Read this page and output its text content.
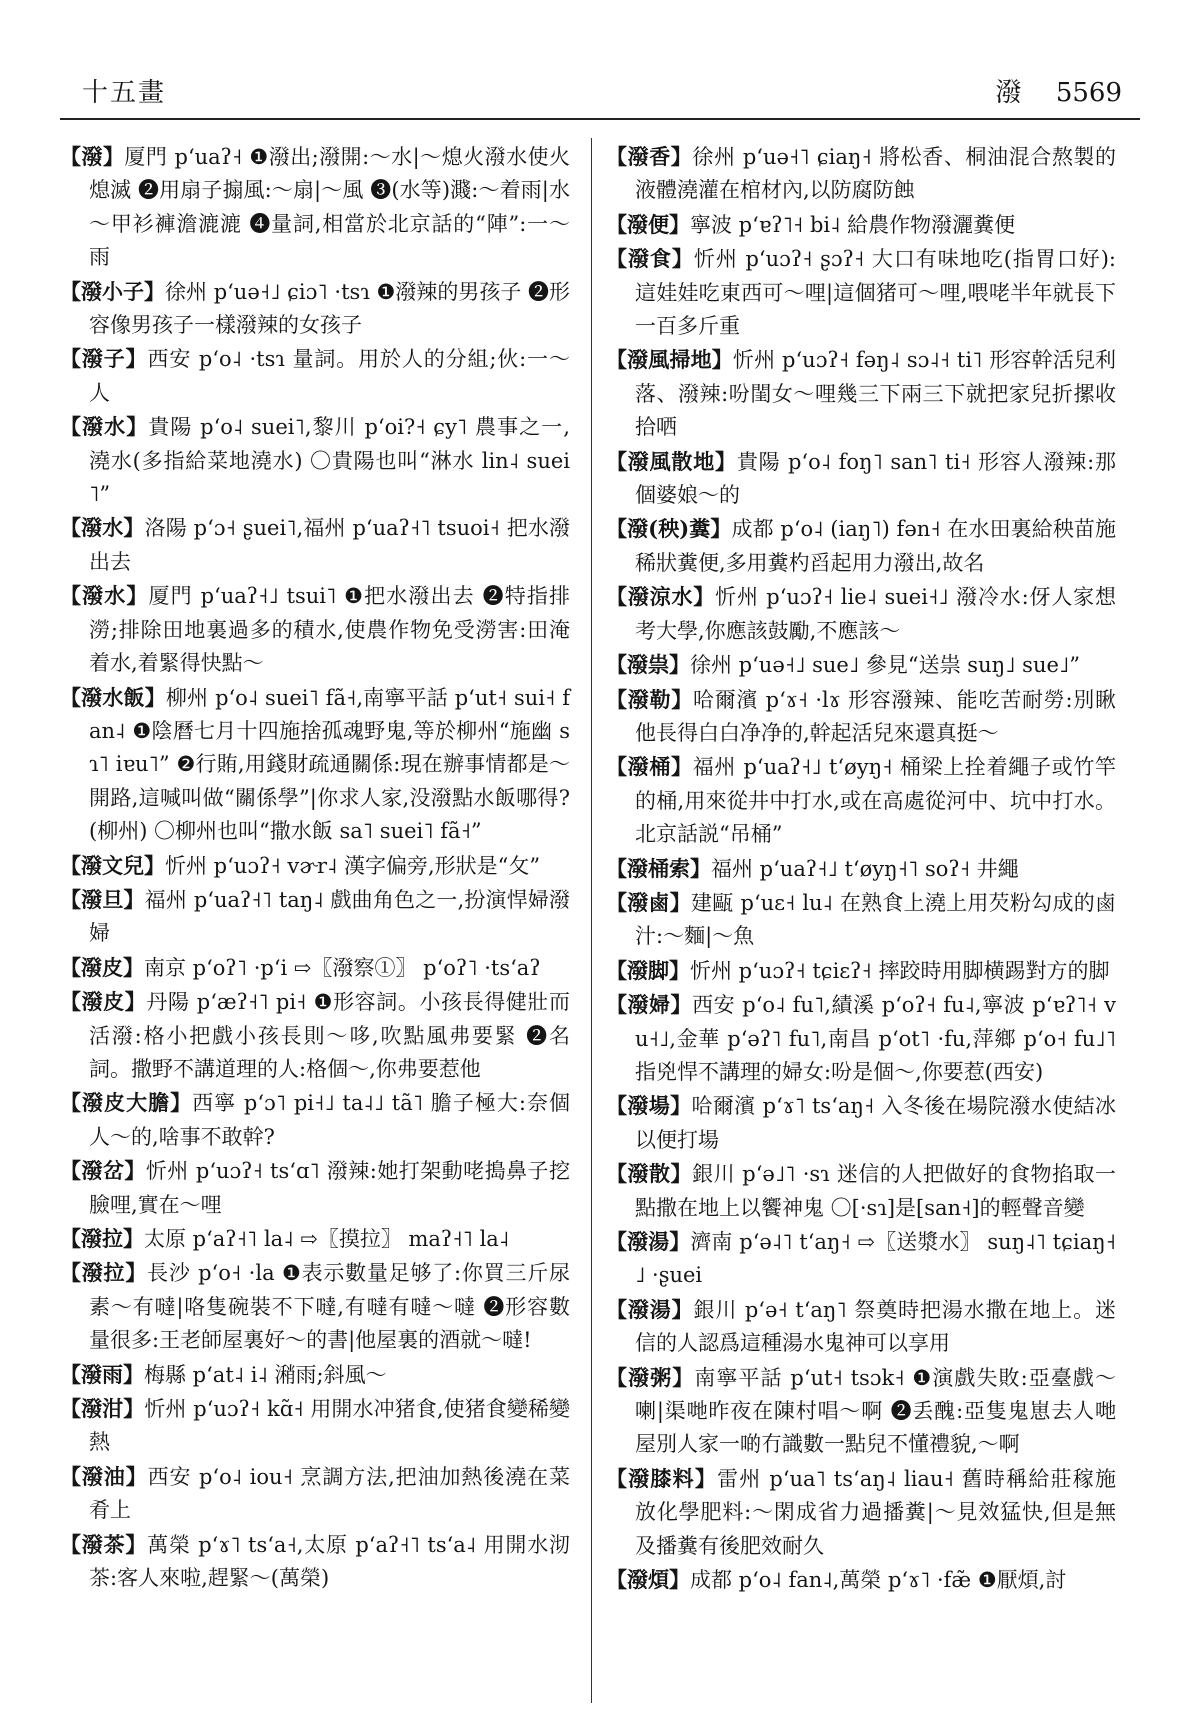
十五畫	潑 5569

【潑】厦門 pʻuaʔ˧ ❶潑出;潑開:～水|～熄火潑水使火熄滅 ❷用扇子搧風:～扇|～風 ❸(水等)濺:～着雨|水～甲衫褲澹漉漉 ❹量詞,相當於北京話的“陣”:一～雨

【潑小子】徐州 pʻuə˧˩ ɕiɔ˥ ·tsɿ ❶潑辣的男孩子 ❷形容像男孩子一樣潑辣的女孩子

【潑子】西安 pʻo˨ ·tsɿ 量詞。用於人的分組;伙:一～人

【潑水】貴陽 pʻo˨ suei˥,黎川 pʻoi?˧ ɕy˥ 農事之一,澆水(多指給菜地澆水) 〇貴陽也叫“淋水 lin˨ suei˥”

【潑水】洛陽 pʻɔ˧ ʂuei˥,福州 pʻuaʔ˧˥ tsuoi˧ 把水潑出去

【潑水】厦門 pʻuaʔ˧˩ tsui˥ ❶把水潑出去 ❷特指排澇;排除田地裏過多的積水,使農作物免受澇害:田淹着水,着緊得快點～

【潑水飯】柳州 pʻo˨ suei˥ fã˧,南寧平話 pʻut˧ sui˧ fan˨ ❶陰曆七月十四施捨孤魂野鬼,等於柳州“施幽 sɿ˥ iɐu˥” ❷行賄,用錢財疏通關係:現在辦事情都是～開路,這喊叫做“關係學”|你求人家,没潑點水飯哪得?(柳州) 〇柳州也叫“撒水飯 sa˥ suei˥ fã˧”

【潑文兒】忻州 pʻuɔʔ˧ vɚr˨ 漢字偏旁,形狀是“攵”

【潑旦】福州 pʻuaʔ˧˥ taŋ˨ 戲曲角色之一,扮演悍婦潑婦

【潑皮】南京 pʻoʔ˥ ·pʻi ⇨〖潑察①〗 pʻoʔ˥ ·tsʻaʔ

【潑皮】丹陽 pʻæʔ˧˥ pi˧ ❶形容詞。小孩長得健壯而活潑:格小把戲小孩長則～哆,吹點風弗要緊 ❷名詞。撒野不講道理的人:格個～,你弗要惹他

【潑皮大膽】西寧 pʻɔ˥ pi˧˩ ta˨˩ tã˥ 膽子極大:奈個人～的,啥事不敢幹?

【潑岔】忻州 pʻuɔʔ˧ tsʻɑ˥ 潑辣:她打架動咾搗鼻子挖臉哩,實在～哩

【潑拉】太原 pʻaʔ˧˥ la˨ ⇨〖摸拉〗 maʔ˧˥ la˨

【潑拉】長沙 pʻo˧ ·la ❶表示數量足够了:你買三斤尿素～有噠|咯隻碗裝不下噠,有噠有噠～噠 ❷形容數量很多:王老師屋裏好～的書|他屋裏的酒就～噠!

【潑雨】梅縣 pʻat˨ i˨ 潲雨;斜風～

【潑泔】忻州 pʻuɔʔ˧ kɑ̃˧ 用開水冲猪食,使猪食變稀變熱

【潑油】西安 pʻo˨ iou˧ 烹調方法,把油加熱後澆在菜肴上

【潑茶】萬榮 pʻɤ˥ tsʻa˧,太原 pʻaʔ˧˥ tsʻa˨ 用開水沏茶:客人來啦,趕緊～(萬榮)

【潑香】徐州 pʻuə˧˥ ɕiaŋ˧ 將松香、桐油混合熬製的液體澆灌在棺材內,以防腐防蝕

【潑便】寧波 pʻɐʔ˥˧ bi˨ 給農作物潑灑糞便

【潑食】忻州 pʻuɔʔ˧ ʂɔʔ˧ 大口有味地吃(指胃口好):這娃娃吃東西可～哩|這個猪可～哩,喂咾半年就長下一百多斤重

【潑風掃地】忻州 pʻuɔʔ˧ fəŋ˨ sɔ˨˧ ti˥ 形容幹活兒利落、潑辣:吩閨女～哩幾三下兩三下就把家兒折摞收拾哂

【潑風散地】貴陽 pʻo˨ foŋ˥ san˥ ti˧ 形容人潑辣:那個婆娘～的

【潑(秧)糞】成都 pʻo˨ (iaŋ˥) fən˧ 在水田裏給秧苗施稀狀糞便,多用糞杓舀起用力潑出,故名

【潑涼水】忻州 pʻuɔʔ˧ lie˨ suei˧˩ 潑冷水:伢人家想考大學,你應該鼓勵,不應該～

【潑祟】徐州 pʻuə˧˩ sue˩ 參見“送祟 suŋ˩ sue˩”

【潑勒】哈爾濱 pʻɤ˧ ·lɤ 形容潑辣、能吃苦耐勞:別瞅他長得白白净净的,幹起活兒來還真挺～

【潑桶】福州 pʻuaʔ˧˩ tʻøyŋ˧ 桶梁上拴着繩子或竹竿的桶,用來從井中打水,或在高處從河中、坑中打水。北京話説“吊桶”

【潑桶索】福州 pʻuaʔ˧˩ tʻøyŋ˧˥ soʔ˧ 井繩

【潑鹵】建甌 pʻuɛ˧ lu˨ 在熟食上澆上用芡粉勾成的鹵汁:～麵|～魚

【潑脚】忻州 pʻuɔʔ˧ tɕiɛʔ˧ 摔跤時用脚横踢對方的脚

【潑婦】西安 pʻo˨ fu˥,績溪 pʻoʔ˧ fu˨,寧波 pʻɐʔ˥˧ vu˧˩,金華 pʻəʔ˥ fu˥,南昌 pʻot˥ ·fu,萍鄉 pʻo˧ fu˩˥ 指兇悍不講理的婦女:吩是個～,你要惹(西安)

【潑場】哈爾濱 pʻɤ˥ tsʻaŋ˧ 入冬後在場院潑水使結冰以便打場

【潑散】銀川 pʻə˩˥ ·sɿ 迷信的人把做好的食物掐取一點撒在地上以饗神鬼 〇[·sɿ]是[san˧]的輕聲音變

【潑湯】濟南 pʻə˨˥ tʻaŋ˧ ⇨〖送漿水〗 suŋ˨˥ tɕiaŋ˧˩ ·ʂuei

【潑湯】銀川 pʻə˧ tʻaŋ˥ 祭奠時把湯水撒在地上。迷信的人認爲這種湯水鬼神可以享用

【潑粥】南寧平話 pʻut˧ tsɔk˧ ❶演戲失敗:亞臺戲～喇|渠哋昨夜在陳村唱～啊 ❷丢醜:亞隻鬼崽去人哋屋別人家一啲冇識數一點兒不懂禮貌,～啊

【潑膝料】雷州 pʻua˥ tsʻaŋ˨ liau˧ 舊時稱給莊稼施放化學肥料:～閑成省力過播糞|～見效猛快,但是無及播糞有後肥效耐久

【潑煩】成都 pʻo˨ fan˨,萬榮 pʻɤ˥ ·fæ̃ ❶厭煩,討
